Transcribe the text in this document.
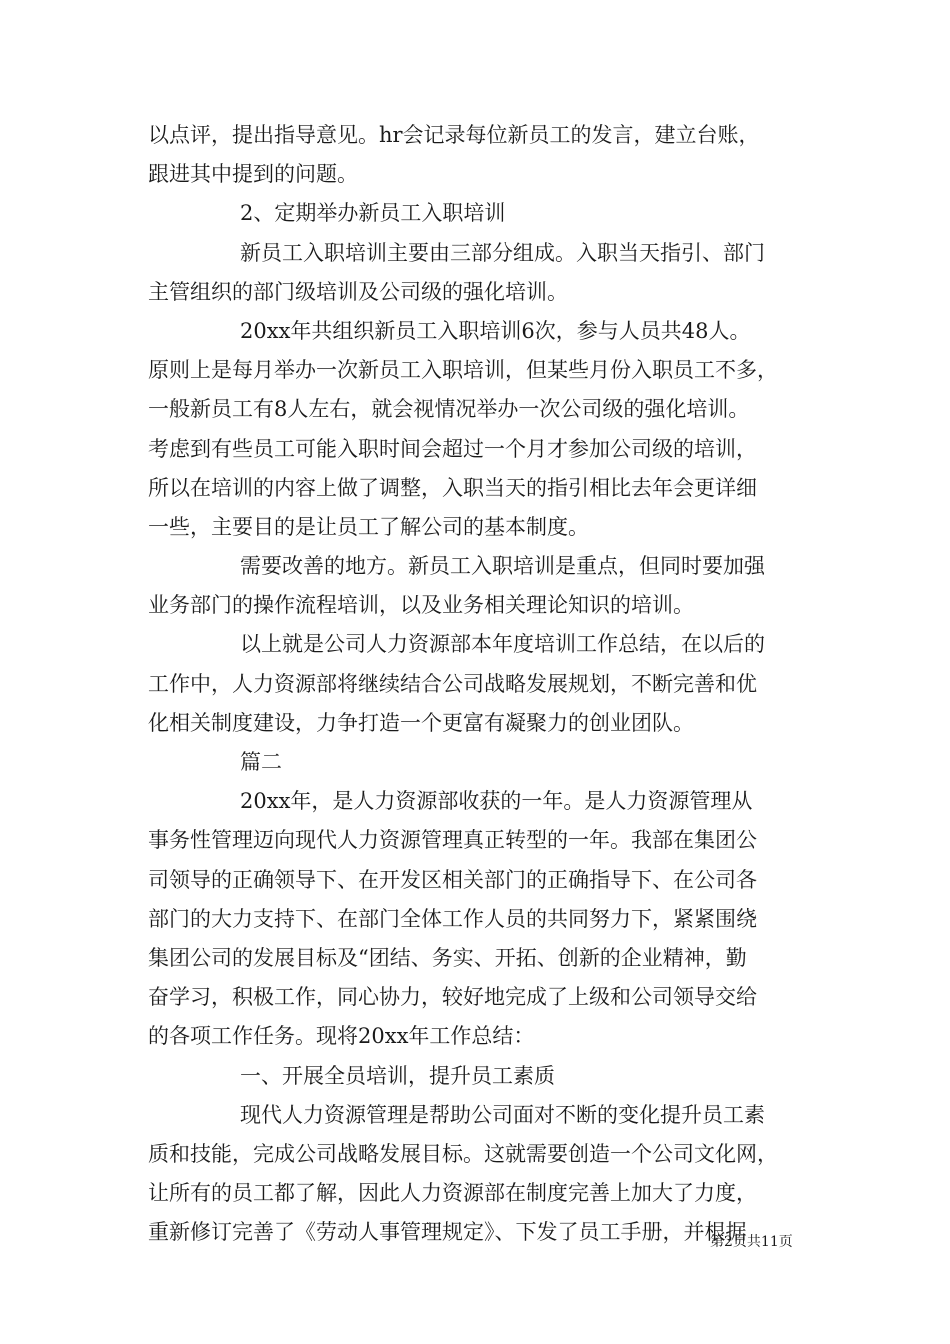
以点评，提出指导意见。hr会记录每位新员工的发言，建立台账，
跟进其中提到的问题。

2、定期举办新员工入职培训

新员工入职培训主要由三部分组成。入职当天指引、部门
主管组织的部门级培训及公司级的强化培训。

20xx年共组织新员工入职培训6次，参与人员共48人。
原则上是每月举办一次新员工入职培训，但某些月份入职员工不多，
一般新员工有8人左右，就会视情况举办一次公司级的强化培训。
考虑到有些员工可能入职时间会超过一个月才参加公司级的培训，
所以在培训的内容上做了调整，入职当天的指引相比去年会更详细
一些，主要目的是让员工了解公司的基本制度。

需要改善的地方。新员工入职培训是重点，但同时要加强
业务部门的操作流程培训，以及业务相关理论知识的培训。

以上就是公司人力资源部本年度培训工作总结，在以后的
工作中，人力资源部将继续结合公司战略发展规划，不断完善和优
化相关制度建设，力争打造一个更富有凝聚力的创业团队。

篇二

20xx年，是人力资源部收获的一年。是人力资源管理从
事务性管理迈向现代人力资源管理真正转型的一年。我部在集团公
司领导的正确领导下、在开发区相关部门的正确指导下、在公司各
部门的大力支持下、在部门全体工作人员的共同努力下，紧紧围绕
集团公司的发展目标及“团结、务实、开拓、创新的企业精神，勤
奋学习，积极工作，同心协力，较好地完成了上级和公司领导交给
的各项工作任务。现将20xx年工作总结：

一、开展全员培训，提升员工素质

现代人力资源管理是帮助公司面对不断的变化提升员工素
质和技能，完成公司战略发展目标。这就需要创造一个公司文化网，
让所有的员工都了解，因此人力资源部在制度完善上加大了力度，
重新修订完善了《劳动人事管理规定》、下发了员工手册，并根据

第2页共11页
